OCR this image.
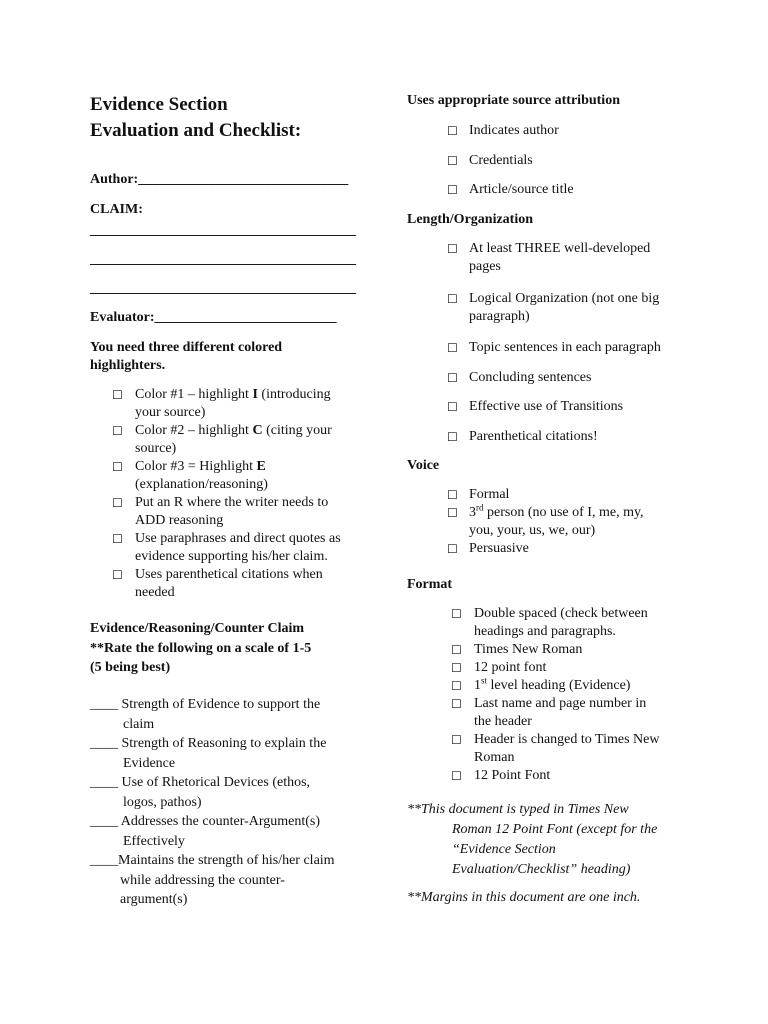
Evidence Section
Evaluation and Checklist:
Author:______________________________
CLAIM:
______________________________________
______________________________________
______________________________________
Evaluator:__________________________
You need three different colored
highlighters.
☐ Color #1 – highlight I (introducing
your source)
☐ Color #2 – highlight C (citing your
source)
☐ Color #3 = Highlight E
(explanation/reasoning)
☐ Put an R where the writer needs to
ADD reasoning
☐ Use paraphrases and direct quotes as
evidence supporting his/her claim.
☐ Uses parenthetical citations when
needed
Evidence/Reasoning/Counter Claim
**Rate the following on a scale of 1-5
(5 being best)
____ Strength of Evidence to support the
claim
____ Strength of Reasoning to explain the
Evidence
____ Use of Rhetorical Devices (ethos,
logos, pathos)
____ Addresses the counter-Argument(s)
Effectively
____Maintains the strength of his/her claim
while addressing the counter-
argument(s)
Uses appropriate source attribution
☐ Indicates author
☐ Credentials
☐ Article/source title
Length/Organization
☐ At least THREE well-developed
pages
☐ Logical Organization (not one big
paragraph)
☐ Topic sentences in each paragraph
☐ Concluding sentences
☐ Effective use of Transitions
☐ Parenthetical citations!
Voice
☐ Formal
☐ 3rd person (no use of I, me, my,
you, your, us, we, our)
☐ Persuasive
Format
☐ Double spaced (check between
headings and paragraphs.
☐ Times New Roman
☐ 12 point font
☐ 1st level heading (Evidence)
☐ Last name and page number in
the header
☐ Header is changed to Times New
Roman
☐ 12 Point Font
**This document is typed in Times New
Roman 12 Point Font (except for the
“Evidence Section
Evaluation/Checklist” heading)
**Margins in this document are one inch.
